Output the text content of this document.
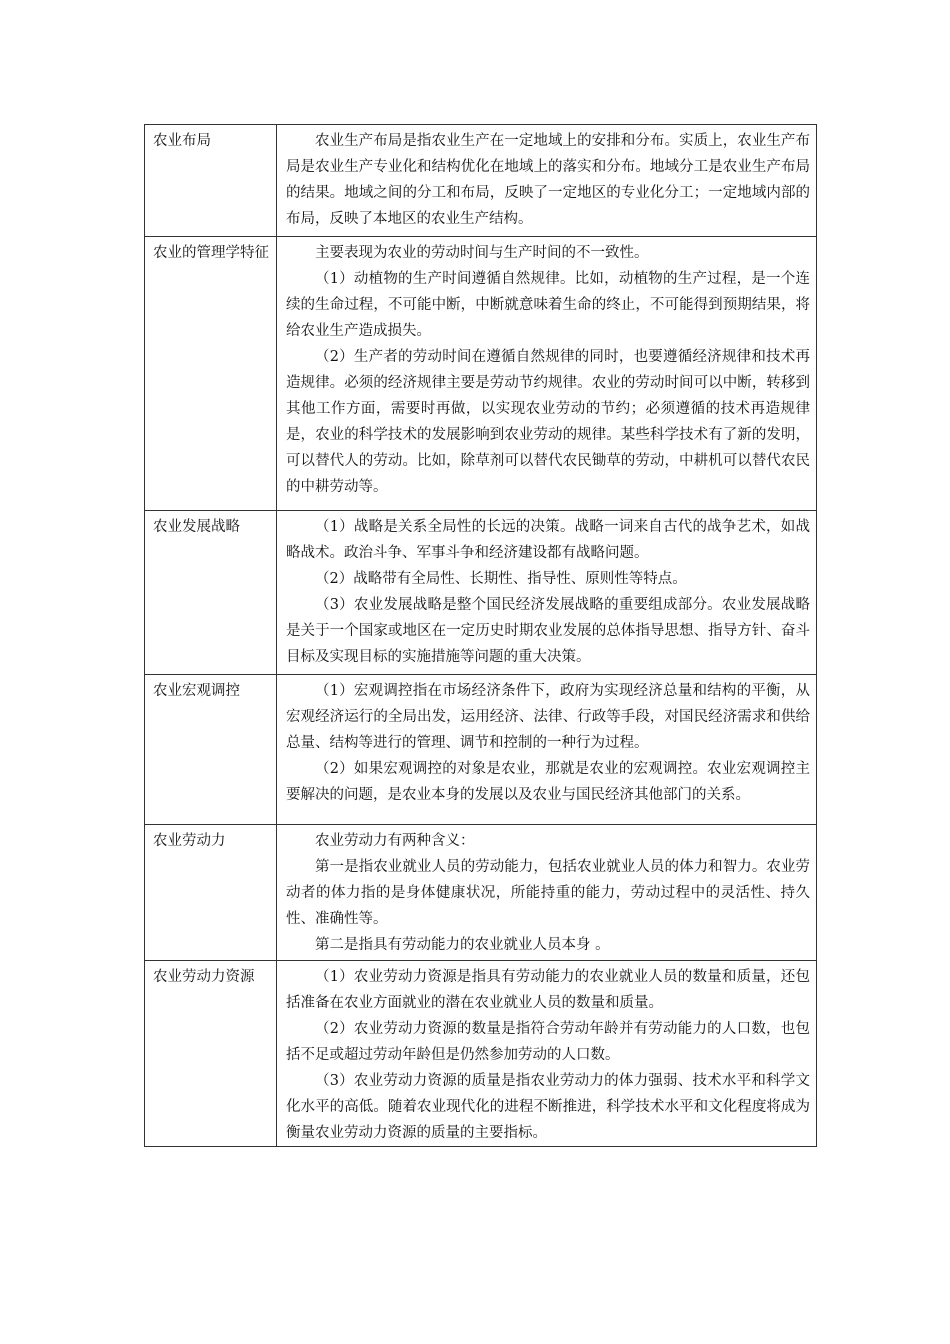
农业布局	农业生产布局是指农业生产在一定地域上的安排和分布。实质上，农业生产布局是农业生产专业化和结构优化在地域上的落实和分布。地域分工是农业生产布局的结果。地域之间的分工和布局，反映了一定地区的专业化分工；一定地域内部的布局，反映了本地区的农业生产结构。

农业的管理学特征	主要表现为农业的劳动时间与生产时间的不一致性。

（1）动植物的生产时间遵循自然规律。比如，动植物的生产过程，是一个连续的生命过程，不可能中断，中断就意味着生命的终止，不可能得到预期结果，将给农业生产造成损失。

（2）生产者的劳动时间在遵循自然规律的同时，也要遵循经济规律和技术再造规律。必须的经济规律主要是劳动节约规律。农业的劳动时间可以中断，转移到其他工作方面，需要时再做，以实现农业劳动的节约；必须遵循的技术再造规律是，农业的科学技术的发展影响到农业劳动的规律。某些科学技术有了新的发明，可以替代人的劳动。比如，除草剂可以替代农民锄草的劳动，中耕机可以替代农民的中耕劳动等。

农业发展战略	（1）战略是关系全局性的长远的决策。战略一词来自古代的战争艺术，如战略战术。政治斗争、军事斗争和经济建设都有战略问题。

（2）战略带有全局性、长期性、指导性、原则性等特点。

（3）农业发展战略是整个国民经济发展战略的重要组成部分。农业发展战略是关于一个国家或地区在一定历史时期农业发展的总体指导思想、指导方针、奋斗目标及实现目标的实施措施等问题的重大决策。

农业宏观调控	（1）宏观调控指在市场经济条件下，政府为实现经济总量和结构的平衡，从宏观经济运行的全局出发，运用经济、法律、行政等手段，对国民经济需求和供给总量、结构等进行的管理、调节和控制的一种行为过程。

（2）如果宏观调控的对象是农业，那就是农业的宏观调控。农业宏观调控主要解决的问题，是农业本身的发展以及农业与国民经济其他部门的关系。

农业劳动力	农业劳动力有两种含义：

第一是指农业就业人员的劳动能力，包括农业就业人员的体力和智力。农业劳动者的体力指的是身体健康状况，所能持重的能力，劳动过程中的灵活性、持久性、准确性等。

第二是指具有劳动能力的农业就业人员本身 。

农业劳动力资源	（1）农业劳动力资源是指具有劳动能力的农业就业人员的数量和质量，还包括准备在农业方面就业的潜在农业就业人员的数量和质量。

（2）农业劳动力资源的数量是指符合劳动年龄并有劳动能力的人口数，也包括不足或超过劳动年龄但是仍然参加劳动的人口数。

（3）农业劳动力资源的质量是指农业劳动力的体力强弱、技术水平和科学文化水平的高低。随着农业现代化的进程不断推进，科学技术水平和文化程度将成为衡量农业劳动力资源的质量的主要指标。
